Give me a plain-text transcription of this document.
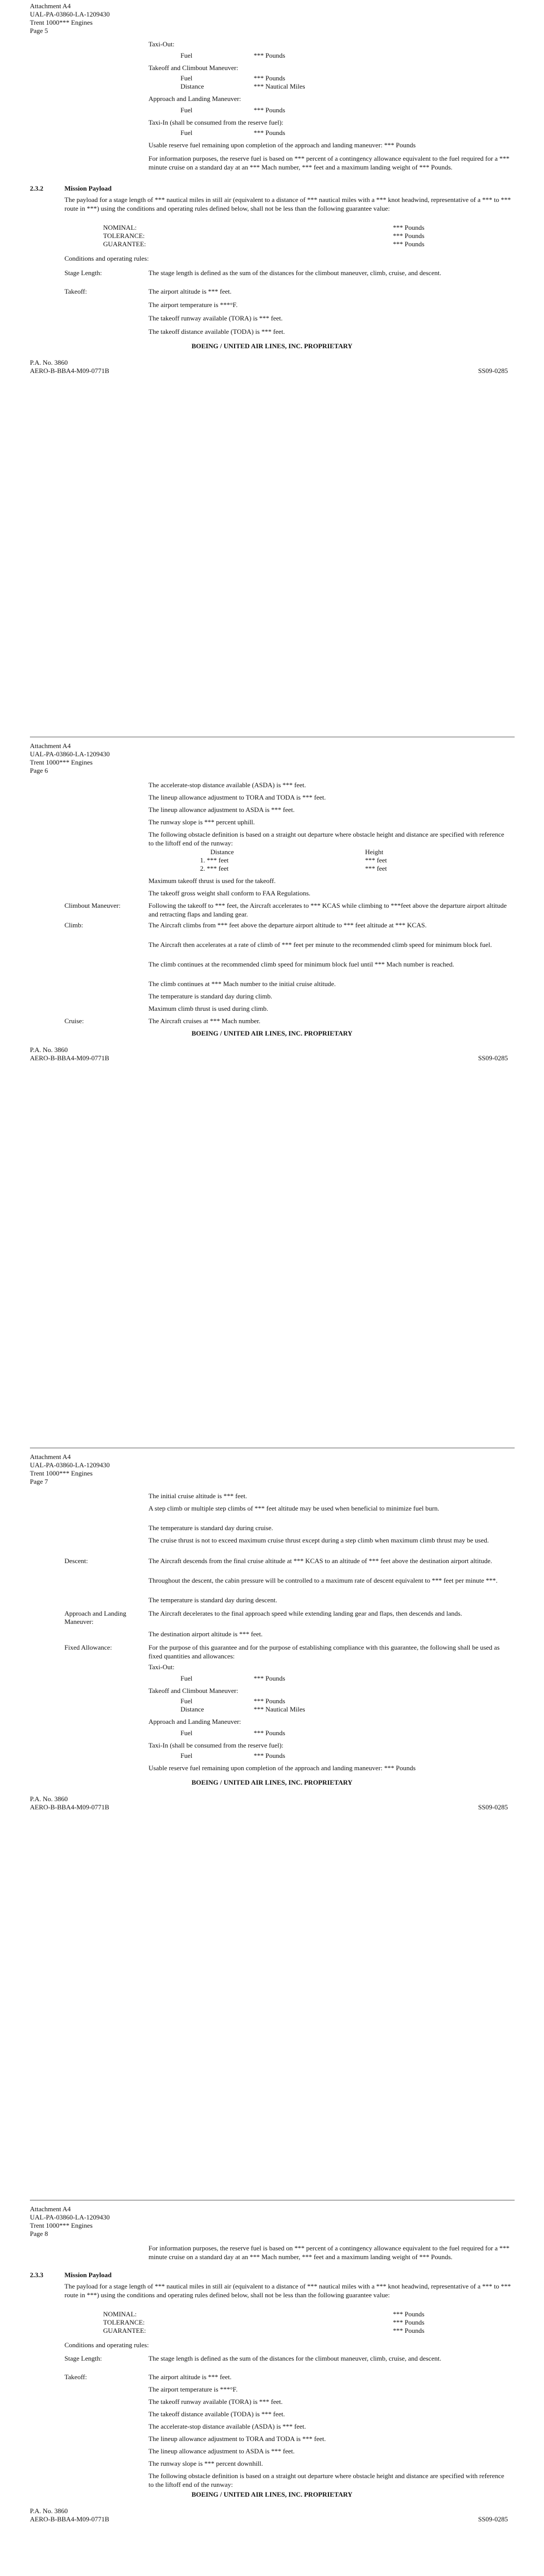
Attachment A4
UAL-PA-03860-LA-1209430
Trent 1000*** Engines
Page 5
Taxi-Out:
Fuel	*** Pounds
Takeoff and Climbout Maneuver:
Fuel	*** Pounds
Distance	*** Nautical Miles
Approach and Landing Maneuver:
Fuel	*** Pounds
Taxi-In (shall be consumed from the reserve fuel):
Fuel	*** Pounds
Usable reserve fuel remaining upon completion of the approach and landing maneuver: *** Pounds
For information purposes, the reserve fuel is based on *** percent of a contingency allowance equivalent to the fuel required for a *** minute cruise on a standard day at an *** Mach number, *** feet and a maximum landing weight of *** Pounds.
2.3.2	Mission Payload
The payload for a stage length of *** nautical miles in still air (equivalent to a distance of *** nautical miles with a *** knot headwind, representative of a *** to *** route in ***) using the conditions and operating rules defined below, shall not be less than the following guarantee value:
NOMINAL:	*** Pounds
TOLERANCE:	*** Pounds
GUARANTEE:	*** Pounds
Conditions and operating rules:
Stage Length:	The stage length is defined as the sum of the distances for the climbout maneuver, climb, cruise, and descent.
Takeoff:	The airport altitude is *** feet.
The airport temperature is ***°F.
The takeoff runway available (TORA) is *** feet.
The takeoff distance available (TODA) is *** feet.
BOEING / UNITED AIR LINES, INC. PROPRIETARY
P.A. No. 3860
AERO-B-BBA4-M09-0771B	SS09-0285
Attachment A4
UAL-PA-03860-LA-1209430
Trent 1000*** Engines
Page 6
The accelerate-stop distance available (ASDA) is *** feet.
The lineup allowance adjustment to TORA and TODA is *** feet.
The lineup allowance adjustment to ASDA is *** feet.
The runway slope is *** percent uphill.
The following obstacle definition is based on a straight out departure where obstacle height and distance are specified with reference to the liftoff end of the runway:
Distance	Height
1. *** feet	*** feet
2. *** feet	*** feet
Maximum takeoff thrust is used for the takeoff.
The takeoff gross weight shall conform to FAA Regulations.
Climbout Maneuver:	Following the takeoff to *** feet, the Aircraft accelerates to *** KCAS while climbing to ***feet above the departure airport altitude and retracting flaps and landing gear.
Climb:	The Aircraft climbs from *** feet above the departure airport altitude to *** feet altitude at *** KCAS.
The Aircraft then accelerates at a rate of climb of *** feet per minute to the recommended climb speed for minimum block fuel.
The climb continues at the recommended climb speed for minimum block fuel until *** Mach number is reached.
The climb continues at *** Mach number to the initial cruise altitude.
The temperature is standard day during climb.
Maximum climb thrust is used during climb.
Cruise:	The Aircraft cruises at *** Mach number.
BOEING / UNITED AIR LINES, INC. PROPRIETARY
P.A. No. 3860
AERO-B-BBA4-M09-0771B	SS09-0285
Attachment A4
UAL-PA-03860-LA-1209430
Trent 1000*** Engines
Page 7
The initial cruise altitude is *** feet.
A step climb or multiple step climbs of *** feet altitude may be used when beneficial to minimize fuel burn.
The temperature is standard day during cruise.
The cruise thrust is not to exceed maximum cruise thrust except during a step climb when maximum climb thrust may be used.
Descent:	The Aircraft descends from the final cruise altitude at *** KCAS to an altitude of *** feet above the destination airport altitude.
Throughout the descent, the cabin pressure will be controlled to a maximum rate of descent equivalent to *** feet per minute ***.
The temperature is standard day during descent.
Approach and Landing
Maneuver:
The Aircraft decelerates to the final approach speed while extending landing gear and flaps, then descends and lands.
The destination airport altitude is *** feet.
Fixed Allowance:	For the purpose of this guarantee and for the purpose of establishing compliance with this guarantee, the following shall be used as fixed quantities and allowances:
Taxi-Out:
Fuel	*** Pounds
Takeoff and Climbout Maneuver:
Fuel	*** Pounds
Distance	*** Nautical Miles
Approach and Landing Maneuver:
Fuel	*** Pounds
Taxi-In (shall be consumed from the reserve fuel):
Fuel	*** Pounds
Usable reserve fuel remaining upon completion of the approach and landing maneuver: *** Pounds
BOEING / UNITED AIR LINES, INC. PROPRIETARY
P.A. No. 3860
AERO-B-BBA4-M09-0771B	SS09-0285
Attachment A4
UAL-PA-03860-LA-1209430
Trent 1000*** Engines
Page 8
For information purposes, the reserve fuel is based on *** percent of a contingency allowance equivalent to the fuel required for a *** minute cruise on a standard day at an *** Mach number, *** feet and a maximum landing weight of *** Pounds.
2.3.3	Mission Payload
The payload for a stage length of *** nautical miles in still air (equivalent to a distance of *** nautical miles with a *** knot headwind, representative of a *** to *** route in ***) using the conditions and operating rules defined below, shall not be less than the following guarantee value:
NOMINAL:	*** Pounds
TOLERANCE:	*** Pounds
GUARANTEE:	*** Pounds
Conditions and operating rules:
Stage Length:	The stage length is defined as the sum of the distances for the climbout maneuver, climb, cruise, and descent.
Takeoff:	The airport altitude is *** feet.
The airport temperature is ***°F.
The takeoff runway available (TORA) is *** feet.
The takeoff distance available (TODA) is *** feet.
The accelerate-stop distance available (ASDA) is *** feet.
The lineup allowance adjustment to TORA and TODA is *** feet.
The lineup allowance adjustment to ASDA is *** feet.
The runway slope is *** percent downhill.
The following obstacle definition is based on a straight out departure where obstacle height and distance are specified with reference to the liftoff end of the runway:
BOEING / UNITED AIR LINES, INC. PROPRIETARY
P.A. No. 3860
AERO-B-BBA4-M09-0771B	SS09-0285
